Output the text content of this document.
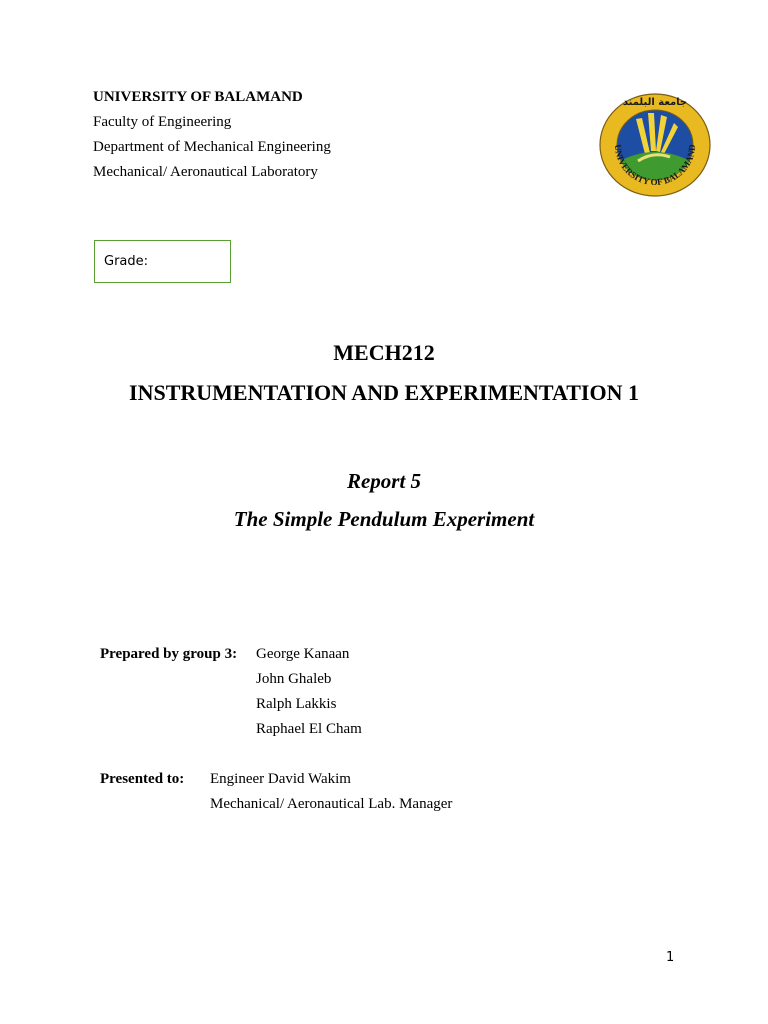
UNIVERSITY OF BALAMAND
Faculty of Engineering
Department of Mechanical Engineering
Mechanical/ Aeronautical Laboratory
UNIVERSITY OF BALAMAND
جامعة البلمند
Grade:
MECH212
INSTRUMENTATION AND EXPERIMENTATION 1
Report 5
The Simple Pendulum Experiment
Prepared by group 3: George Kanaan
John Ghaleb
Ralph Lakkis
Raphael El Cham
Presented to: Engineer David Wakim
Mechanical/ Aeronautical Lab. Manager
1
